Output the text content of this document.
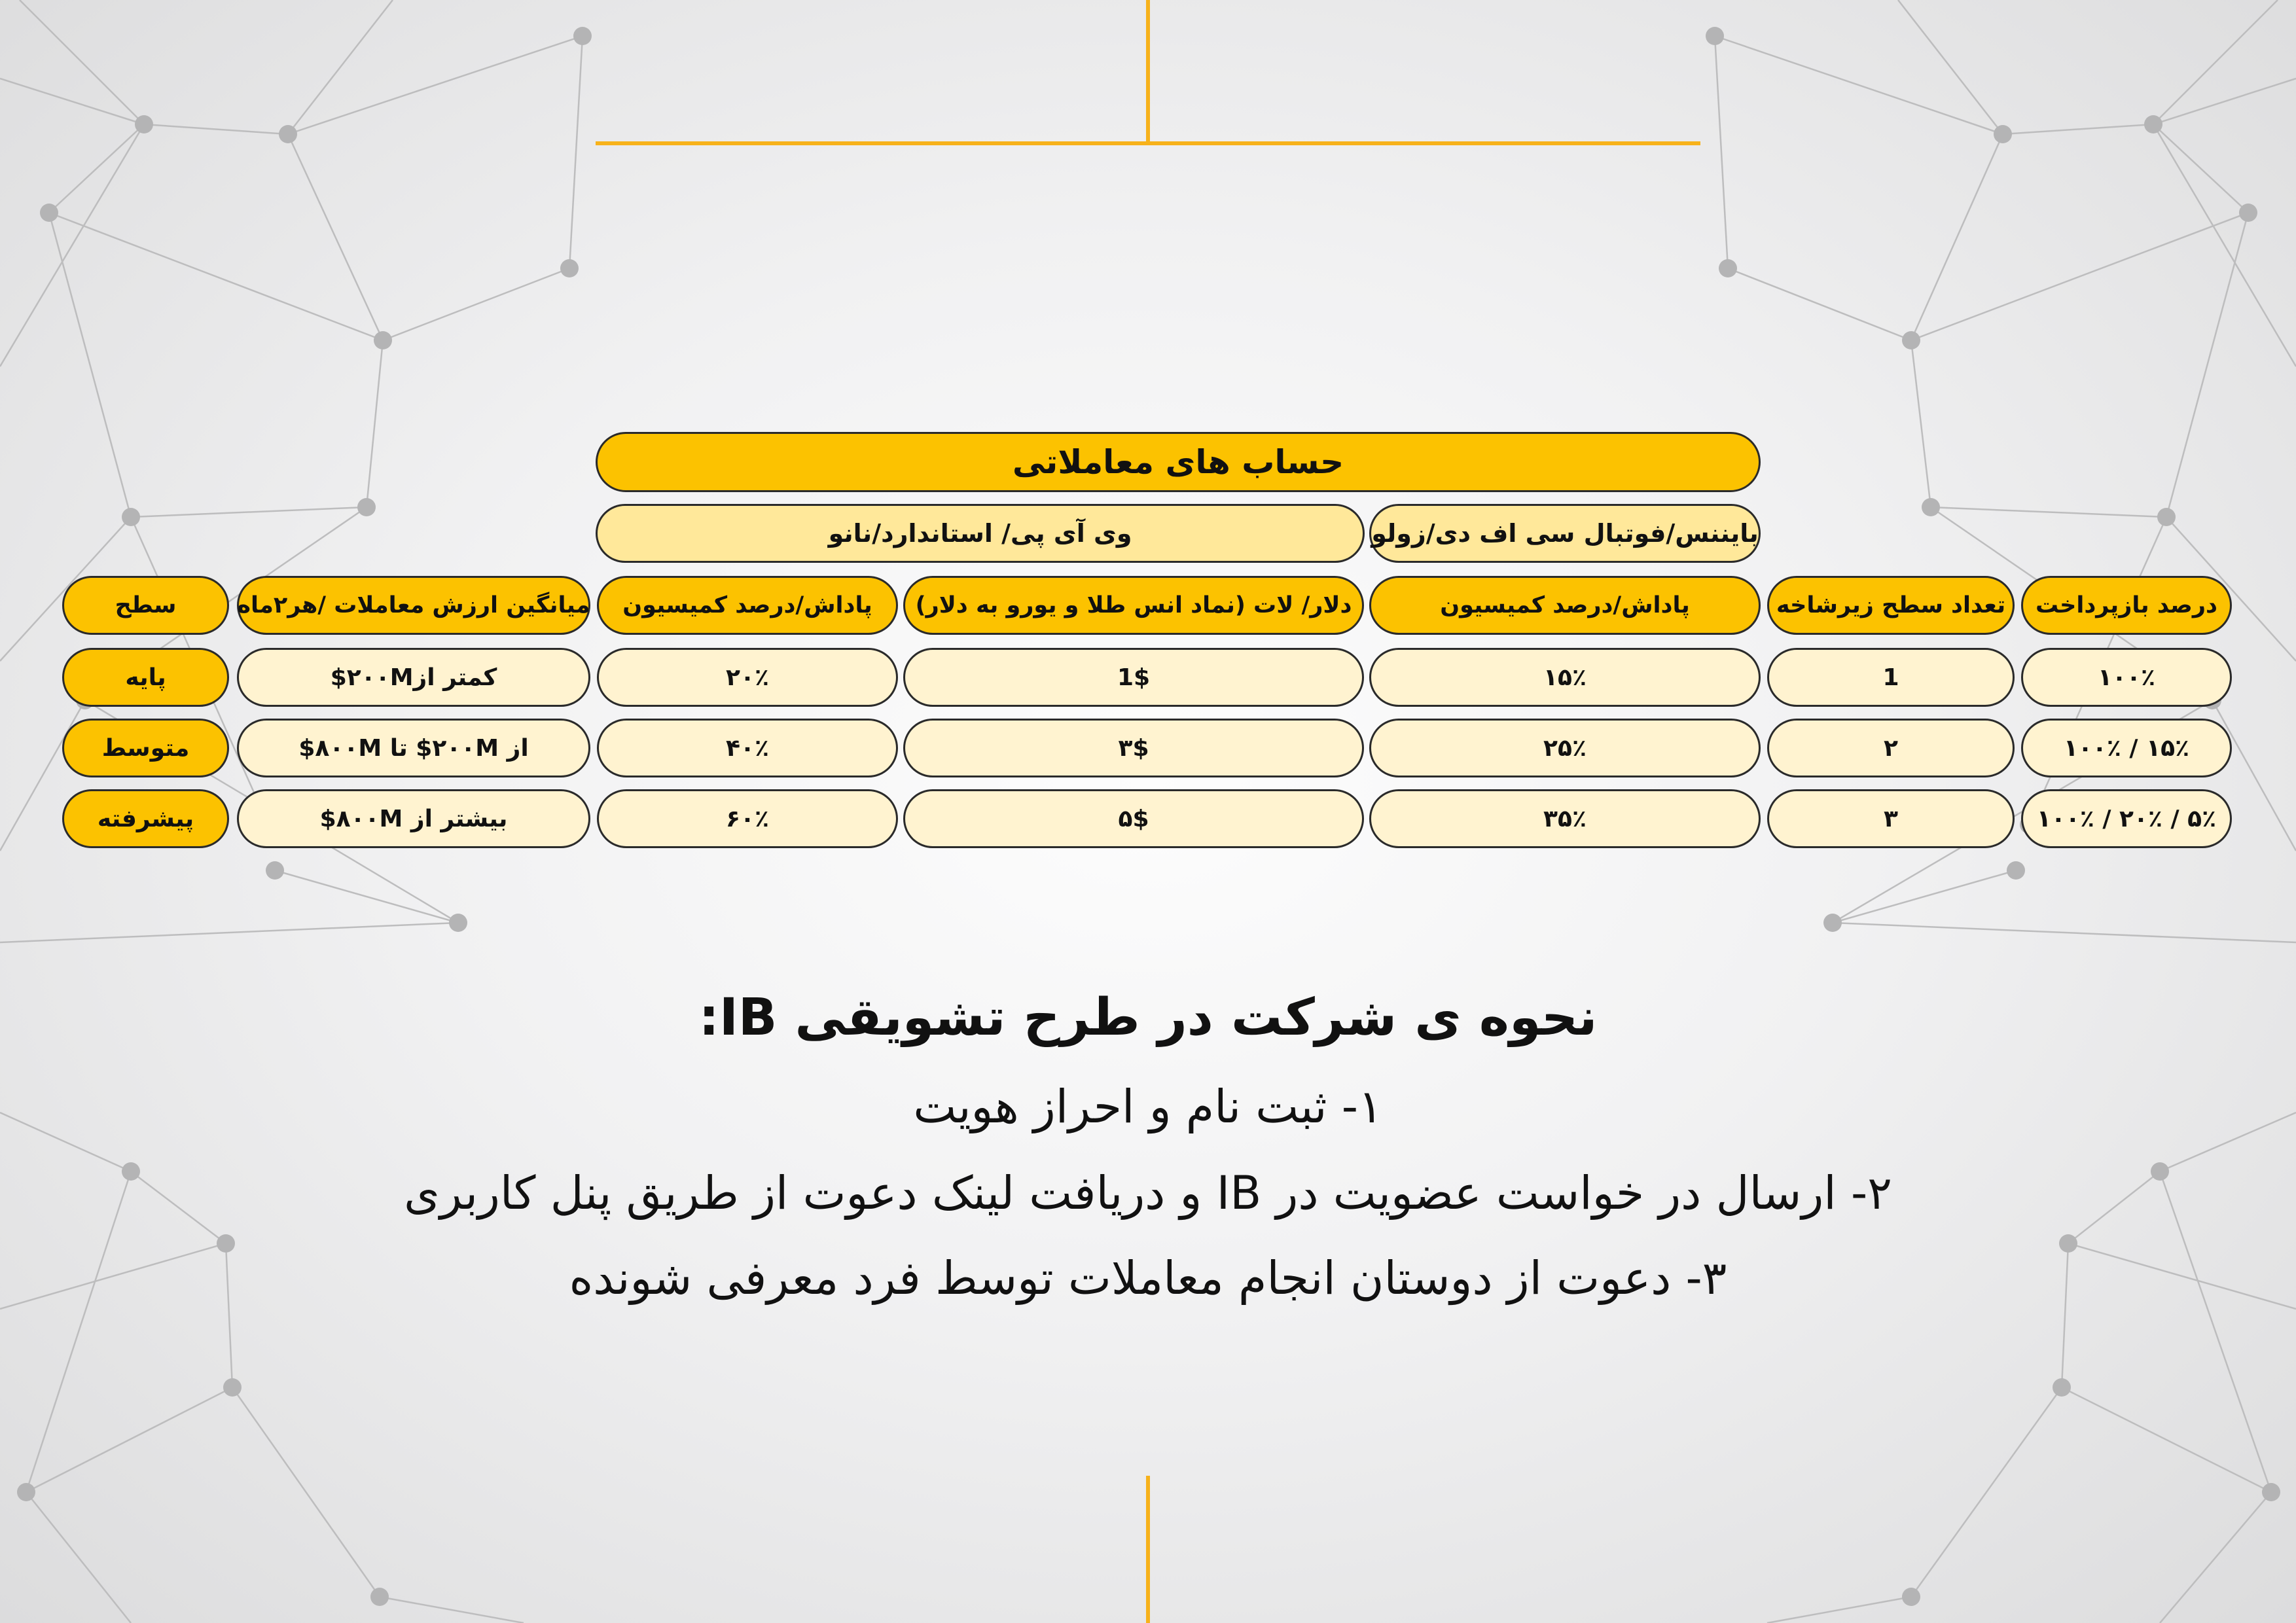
حساب های معاملاتی
وی آی پی/ استاندارد/نانو	بایننس/فوتبال سی اف دی/زولو
سطح	میانگین ارزش معاملات /هر۲ماه	پاداش/درصد کمیسیون	دلار/ لات (نماد انس طلا و یورو به دلار)	پاداش/درصد کمیسیون	تعداد سطح زیرشاخه	درصد بازپرداخت
پایه	کمتر از۲۰۰M$	۲۰٪	1$	۱۵٪	1	۱۰۰٪
متوسط	از ۲۰۰M$ تا ۸۰۰M$	۴۰٪	۳$	۲۵٪	۲	۱۵٪ / ۱۰۰٪
پیشرفته	بیشتر از ۸۰۰M$	۶۰٪	۵$	۳۵٪	۳	۵٪ / ۲۰٪ / ۱۰۰٪
نحوه ی شرکت در طرح تشویقی IB:
۱- ثبت نام و احراز هویت
۲- ارسال در خواست عضویت در IB و دریافت لینک دعوت از طریق پنل کاربری
۳- دعوت از دوستان انجام معاملات توسط فرد معرفی شونده
